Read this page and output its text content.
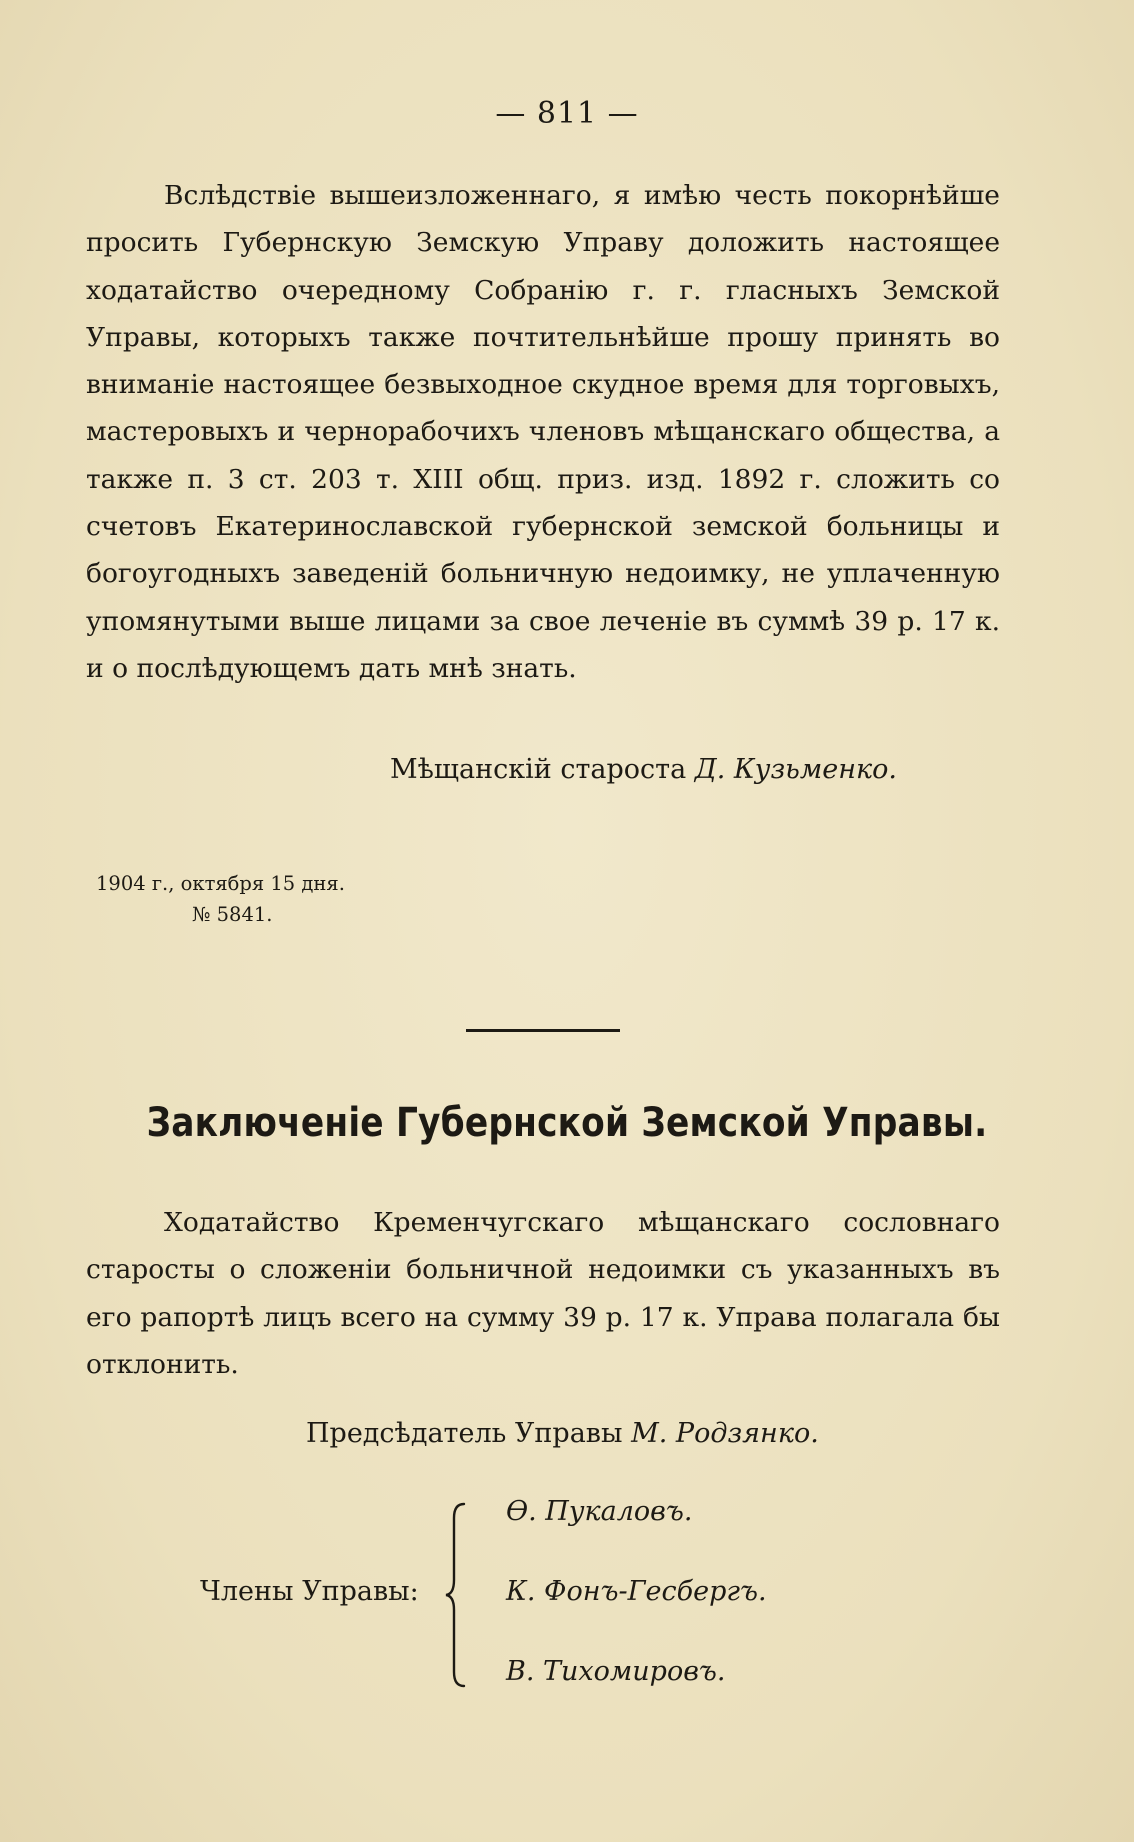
— 811 —

Вслѣдствіе вышеизложеннаго, я имѣю честь покорнѣйше просить Губернскую Земскую Управу доложить настоящее ходатайство очередному Собранію г. г. гласныхъ Земской Управы, которыхъ также почтительнѣйше прошу принять во вниманіе настоящее безвыходное скудное время для торговыхъ, мастеровыхъ и чернорабочихъ членовъ мѣщанскаго общества, а также п. 3 ст. 203 т. XIII общ. приз. изд. 1892 г. сложить со счетовъ Екатеринославской губернской земской больницы и богоугодныхъ заведеній больничную недоимку, не уплаченную упомянутыми выше лицами за свое леченіе въ суммѣ 39 р. 17 к. и о послѣдующемъ дать мнѣ знать.

Мѣщанскій староста Д. Кузьменко.
1904 г., октября 15 дня.
№ 5841.
Заключеніе Губернской Земской Управы.

Ходатайство Кременчугскаго мѣщанскаго сословнаго старосты о сложеніи больничной недоимки съ указанныхъ въ его рапортѣ лицъ всего на сумму 39 р. 17 к. Управа полагала бы отклонить.

Предсѣдатель Управы М. Родзянко.
Члены Управы:
Ѳ. Пукаловъ.
К. Фонъ-Гесбергъ.
В. Тихомировъ.
